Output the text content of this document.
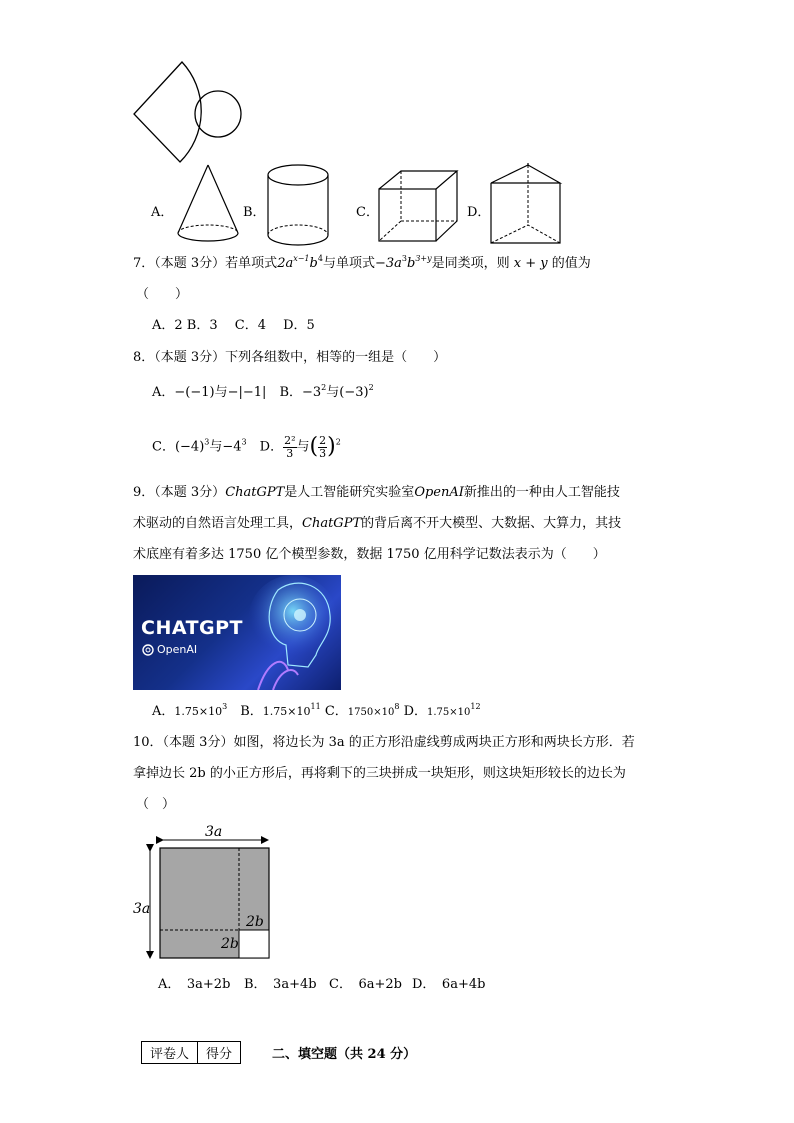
A．	B．	C．	D．
7．（本题 3分）若单项式$2a^{x-1}b^4$与单项式$-3a^3b^{3+y}$是同类项，则 x + y 的值为
（　　）
A．2 B．3　 C．4　 D．5
8．（本题 3分）下列各组数中，相等的一组是（　　）
A．−(−1)与−|−1|　 B．$-3^2$与$(-3)^2$
C．$(-4)^3$与$-4^3$　 D． $\frac{\text{2²}}{3}$ 与( $\frac{2}{3} )^2$
9．（本题 3分）ChatGPT是人工智能研究实验室OpenAI新推出的一种由人工智能技
术驱动的自然语言处理工具，ChatGPT的背后离不开大模型、大数据、大算力，其技
术底座有着多达 1750 亿个模型参数，数据 1750 亿用科学记数法表示为（　　）
CHATGPT
OpenAI
A．$1.75\times 10^3$　 B．$1.75\times 10^{11}$ C．$1750\times 10^8$ D．$1.75\times 10^{12}$
10．（本题 3分）如图，将边长为 3a 的正方形沿虚线剪成两块正方形和两块长方形．若
拿掉边长 2b 的小正方形后，再将剩下的三块拼成一块矩形，则这块矩形较长的边长为
（　）
3a
3a
2b
2b
A．　3a+2b B．　3a+4b C．　6a+2b D．　6a+4b
评卷人	得分	二、填空题（共 24 分）
